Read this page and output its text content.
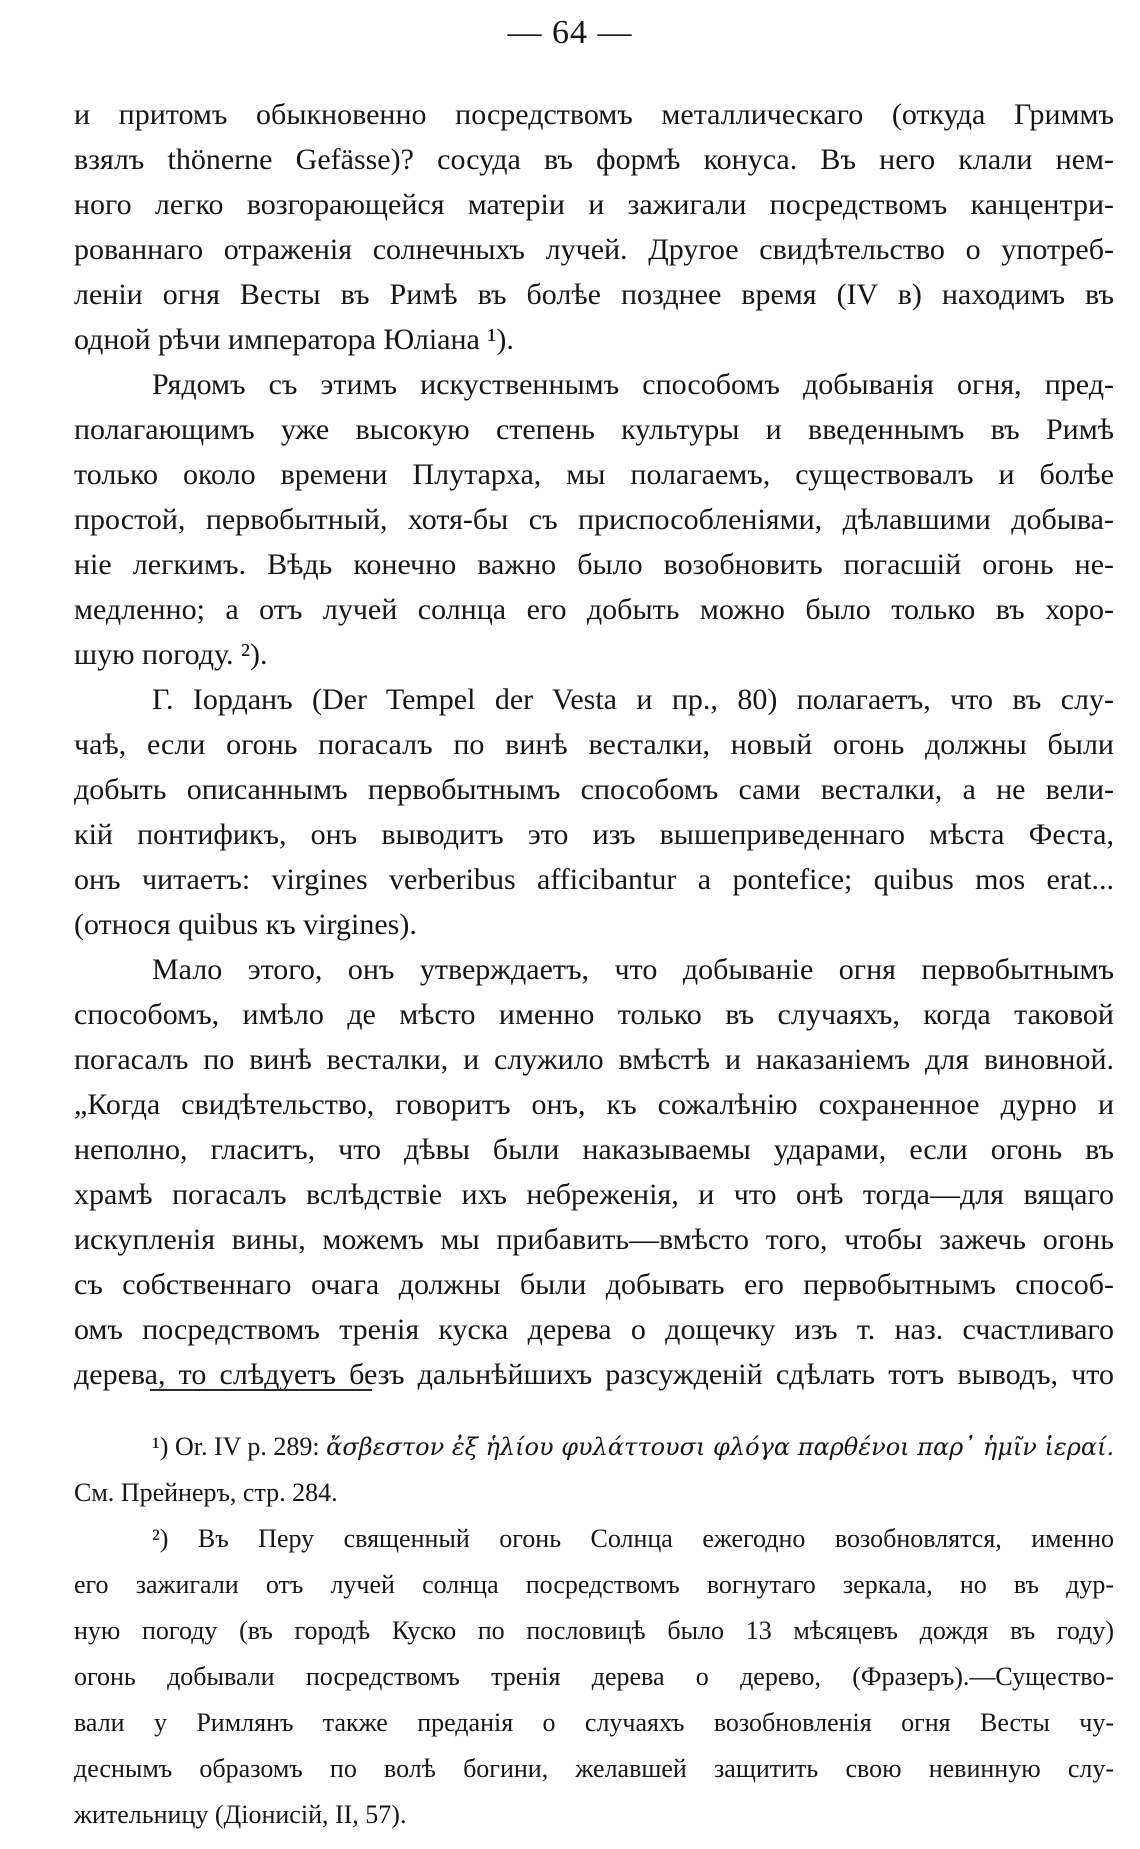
— 64 —
и притомъ обыкновенно посредствомъ металлическаго (откуда Гриммъ
взялъ thönerne Gefässe)? сосуда въ формѣ конуса. Въ него клали нем-
ного легко возгорающейся матеріи и зажигали посредствомъ канцентри-
рованнаго отраженія солнечныхъ лучей. Другое свидѣтельство о употреб-
леніи огня Весты въ Римѣ въ болѣе позднее время (IV в) находимъ въ
одной рѣчи императора Юліана ¹).
Рядомъ съ этимъ искуственнымъ способомъ добыванія огня, пред-
полагающимъ уже высокую степень культуры и введеннымъ въ Римѣ
только около времени Плутарха, мы полагаемъ, существовалъ и болѣе
простой, первобытный, хотя-бы съ приспособленіями, дѣлавшими добыва-
ніе легкимъ. Вѣдь конечно важно было возобновить погасшій огонь не-
медленно; а отъ лучей солнца его добыть можно было только въ хоро-
шую погоду. ²).
Г. Іорданъ (Der Tempel der Vesta и пр., 80) полагаетъ, что въ слу-
чаѣ, если огонь погасалъ по винѣ весталки, новый огонь должны были
добыть описаннымъ первобытнымъ способомъ сами весталки, а не вели-
кій понтификъ, онъ выводитъ это изъ вышеприведеннаго мѣста Феста,
онъ читаетъ: virgines verberibus afficibantur a pontefice; quibus mos erat...
(относя quibus къ virgines).
Мало этого, онъ утверждаетъ, что добываніе огня первобытнымъ
способомъ, имѣло де мѣсто именно только въ случаяхъ, когда таковой
погасалъ по винѣ весталки, и служило вмѣстѣ и наказаніемъ для виновной.
„Когда свидѣтельство, говоритъ онъ, къ сожалѣнію сохраненное дурно и
неполно, гласитъ, что дѣвы были наказываемы ударами, если огонь въ
храмѣ погасалъ вслѣдствіе ихъ небреженія, и что онѣ тогда—для вящаго
искупленія вины, можемъ мы прибавить—вмѣсто того, чтобы зажечь огонь
съ собственнаго очага должны были добывать его первобытнымъ способ-
омъ посредствомъ тренія куска дерева о дощечку изъ т. наз. счастливаго
дерева, то слѣдуетъ безъ дальнѣйшихъ разсужденій сдѣлать тотъ выводъ, что
¹) Or. IV p. 289: ἄσβεστον ἐξ ἡλίου φυλάττουσι φλόγα παρθένοι παρ᾽ ἡμῖν ἱεραί.
См. Прейнеръ, стр. 284.
²) Въ Перу священный огонь Солнца ежегодно возобновлятся, именно
его зажигали отъ лучей солнца посредствомъ вогнутаго зеркала, но въ дур-
ную погоду (въ городѣ Куско по пословицѣ было 13 мѣсяцевъ дождя въ году)
огонь добывали посредствомъ тренія дерева о дерево, (Фразеръ).—Существо-
вали у Римлянъ также преданія о случаяхъ возобновленія огня Весты чу-
деснымъ образомъ по волѣ богини, желавшей защитить свою невинную слу-
жительницу (Діонисій, II, 57).
